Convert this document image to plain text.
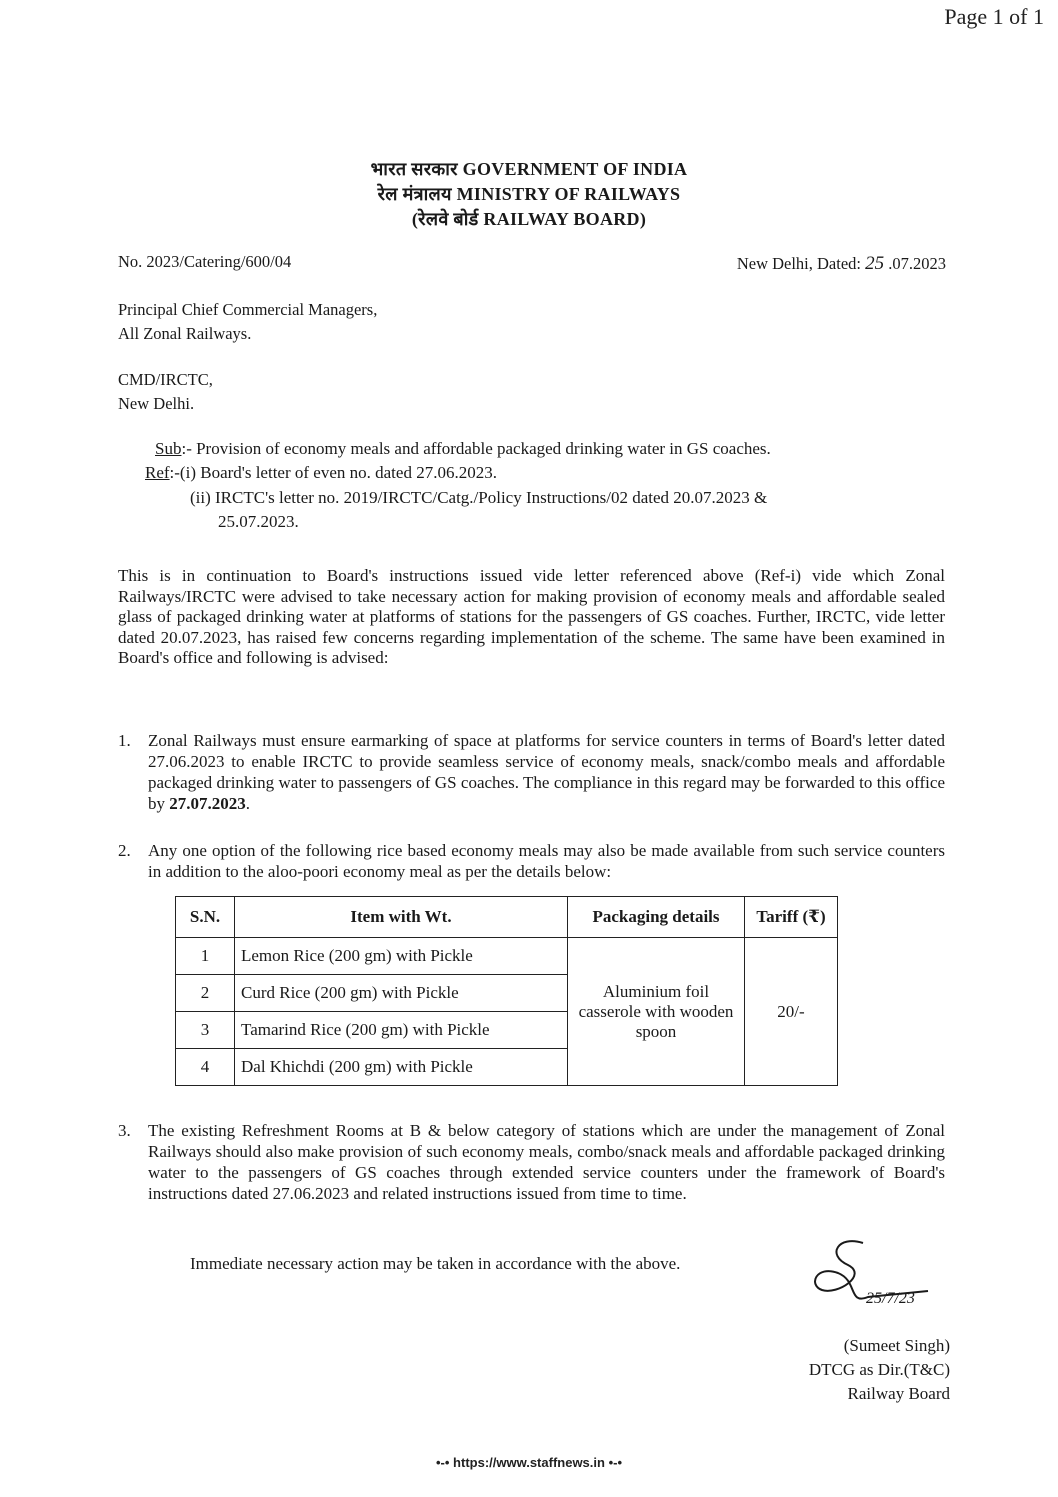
Page 1 of 1
भारत सरकार GOVERNMENT OF INDIA
रेल मंत्रालय MINISTRY OF RAILWAYS
(रेलवे बोर्ड RAILWAY BOARD)
No. 2023/Catering/600/04	New Delhi, Dated: 25 .07.2023
Principal Chief Commercial Managers,
All Zonal Railways.
CMD/IRCTC,
New Delhi.
Sub:- Provision of economy meals and affordable packaged drinking water in GS coaches.
Ref:-(i) Board's letter of even no. dated 27.06.2023.
(ii) IRCTC's letter no. 2019/IRCTC/Catg./Policy Instructions/02 dated 20.07.2023 &
25.07.2023.
This is in continuation to Board's instructions issued vide letter referenced above (Ref-i) vide which Zonal Railways/IRCTC were advised to take necessary action for making provision of economy meals and affordable sealed glass of packaged drinking water at platforms of stations for the passengers of GS coaches. Further, IRCTC, vide letter dated 20.07.2023, has raised few concerns regarding implementation of the scheme. The same have been examined in Board's office and following is advised:
1. Zonal Railways must ensure earmarking of space at platforms for service counters in terms of Board's letter dated 27.06.2023 to enable IRCTC to provide seamless service of economy meals, snack/combo meals and affordable packaged drinking water to passengers of GS coaches. The compliance in this regard may be forwarded to this office by 27.07.2023.
2. Any one option of the following rice based economy meals may also be made available from such service counters in addition to the aloo-poori economy meal as per the details below:
S.N.	Item with Wt.	Packaging details	Tariff (₹)
1	Lemon Rice (200 gm) with Pickle	Aluminium foil casserole with wooden spoon	20/-
2	Curd Rice (200 gm) with Pickle		
3	Tamarind Rice (200 gm) with Pickle		
4	Dal Khichdi (200 gm) with Pickle		
3. The existing Refreshment Rooms at B & below category of stations which are under the management of Zonal Railways should also make provision of such economy meals, combo/snack meals and affordable packaged drinking water to the passengers of GS coaches through extended service counters under the framework of Board's instructions dated 27.06.2023 and related instructions issued from time to time.
Immediate necessary action may be taken in accordance with the above.
25/7/23
(Sumeet Singh)
DTCG as Dir.(T&C)
Railway Board
•-• https://www.staffnews.in •-•
